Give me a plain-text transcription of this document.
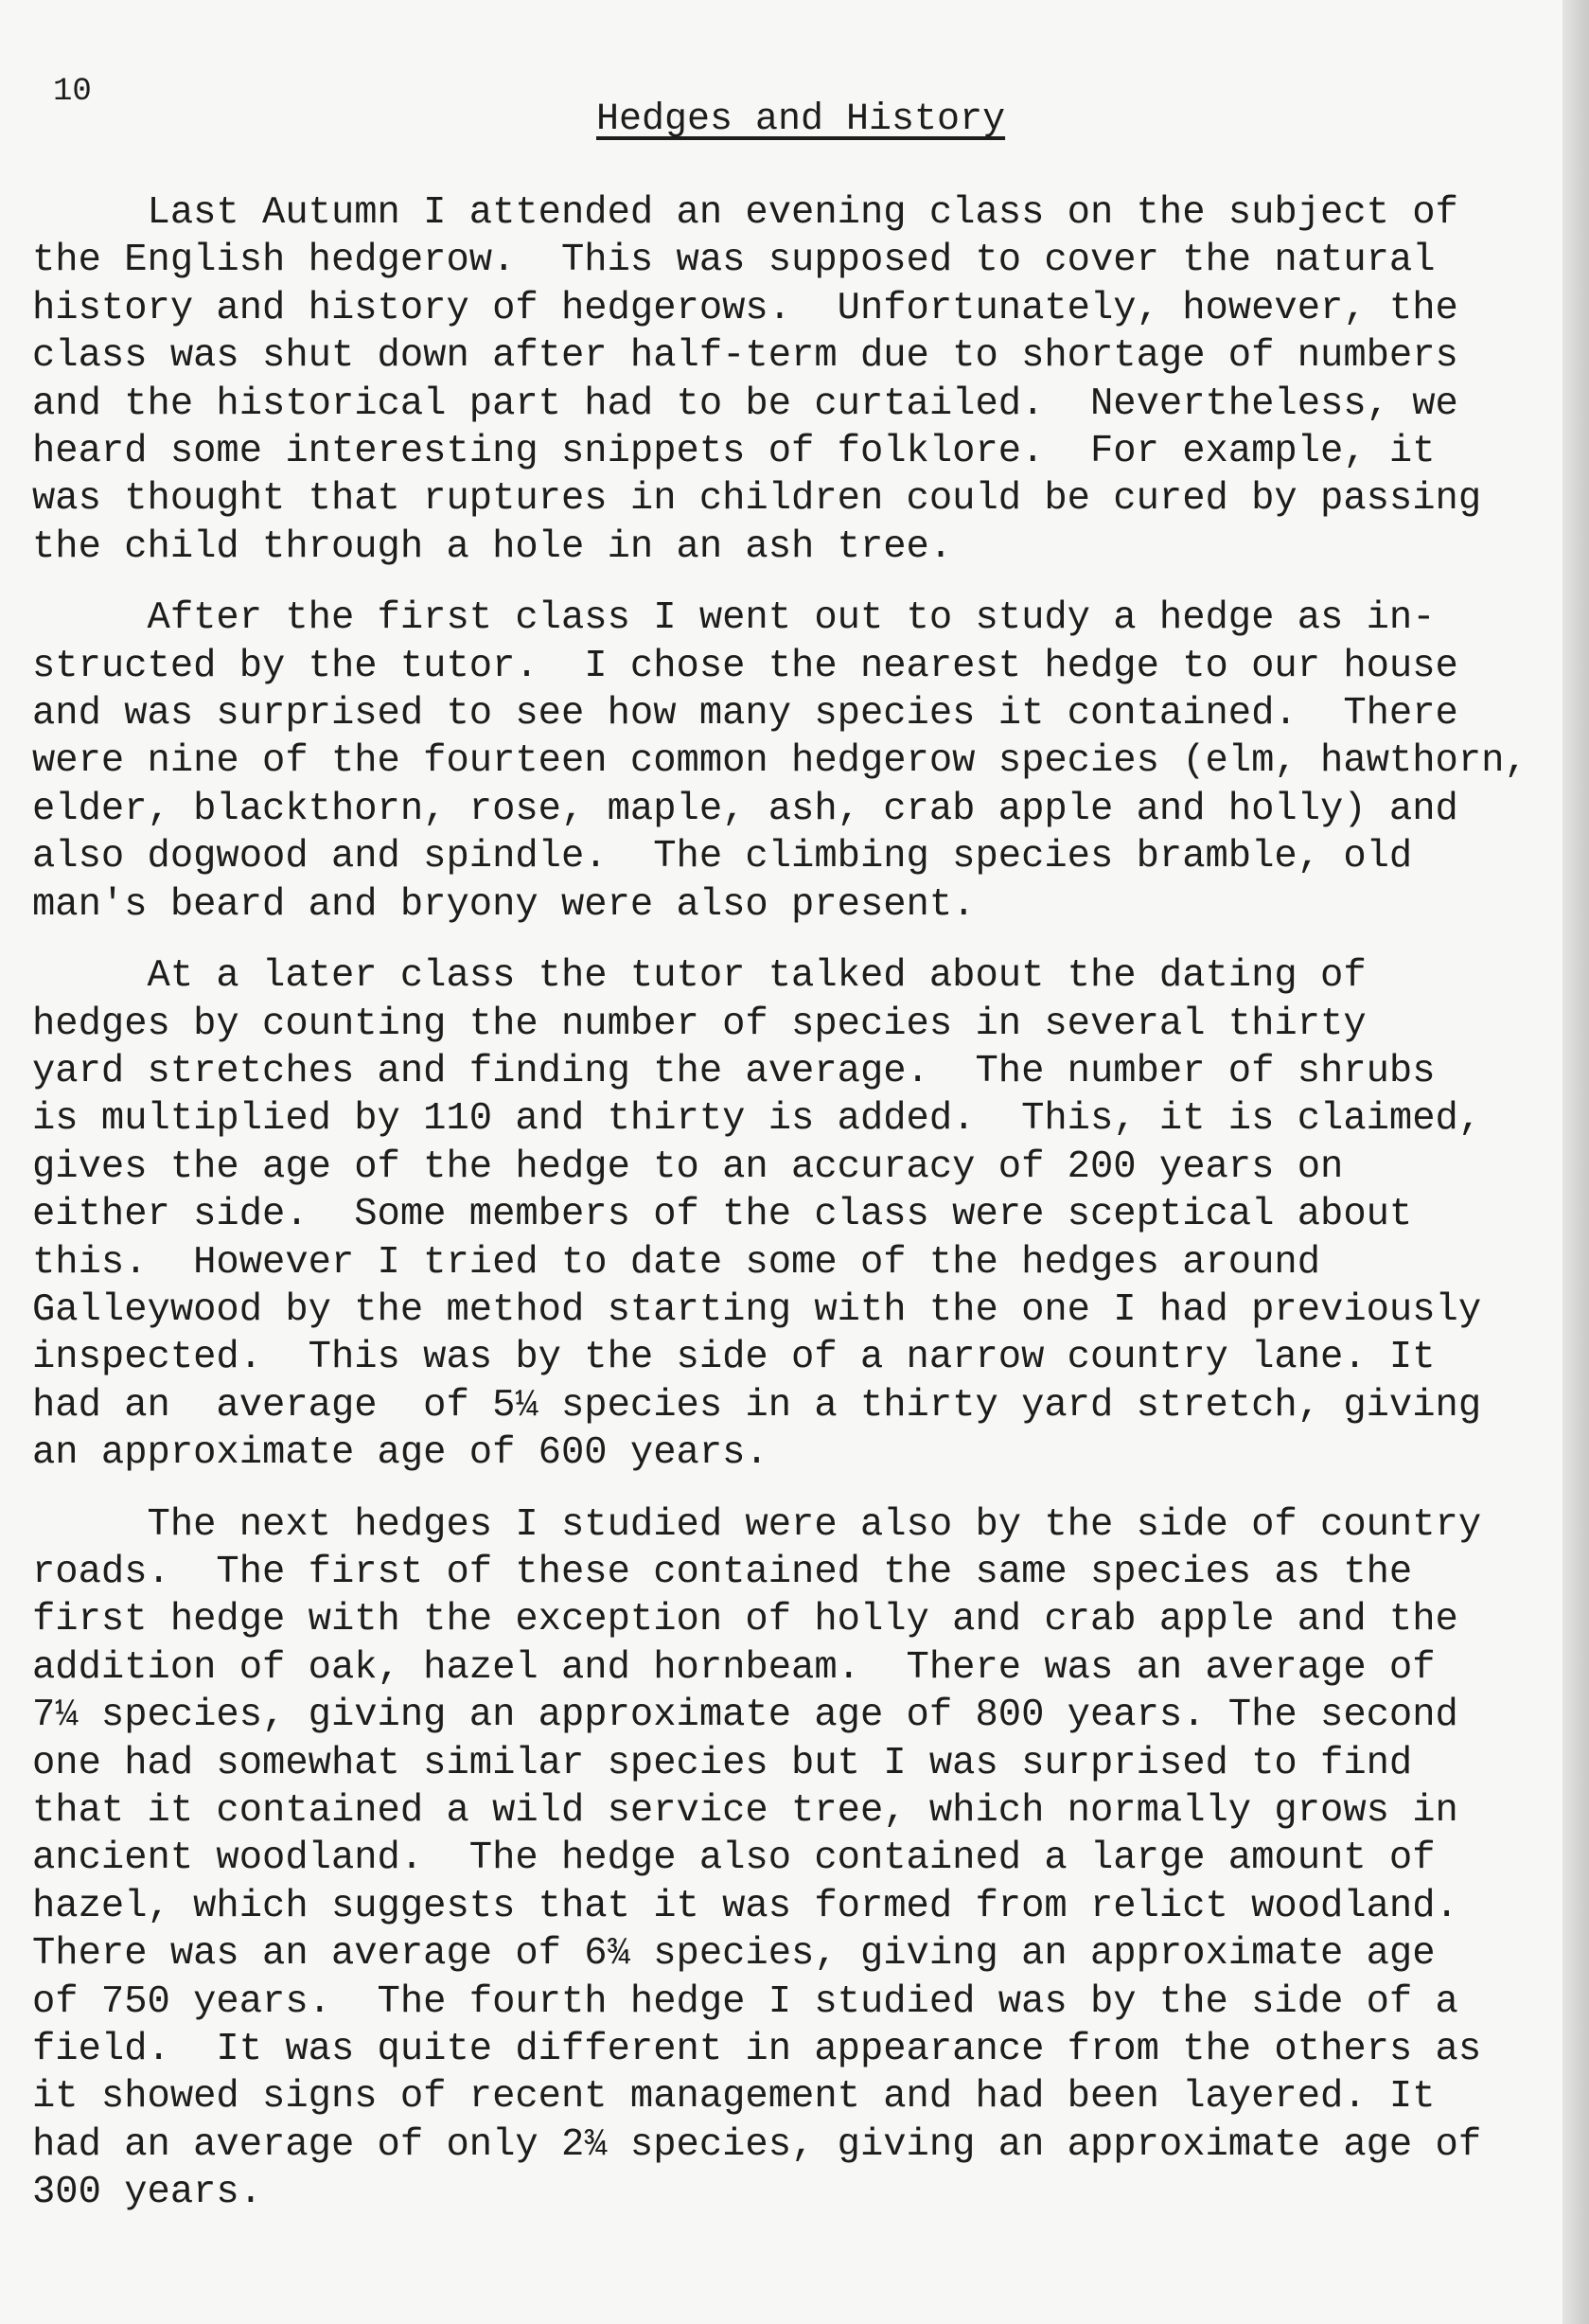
10
Hedges and History

Last Autumn I attended an evening class on the subject of
the English hedgerow.  This was supposed to cover the natural
history and history of hedgerows.  Unfortunately, however, the
class was shut down after half-term due to shortage of numbers
and the historical part had to be curtailed.  Nevertheless, we
heard some interesting snippets of folklore.  For example, it
was thought that ruptures in children could be cured by passing
the child through a hole in an ash tree.

After the first class I went out to study a hedge as in-
structed by the tutor.  I chose the nearest hedge to our house
and was surprised to see how many species it contained.  There
were nine of the fourteen common hedgerow species (elm, hawthorn,
elder, blackthorn, rose, maple, ash, crab apple and holly) and
also dogwood and spindle.  The climbing species bramble, old
man's beard and bryony were also present.

At a later class the tutor talked about the dating of
hedges by counting the number of species in several thirty
yard stretches and finding the average.  The number of shrubs
is multiplied by 110 and thirty is added.  This, it is claimed,
gives the age of the hedge to an accuracy of 200 years on
either side.  Some members of the class were sceptical about
this.  However I tried to date some of the hedges around
Galleywood by the method starting with the one I had previously
inspected.  This was by the side of a narrow country lane. It
had an  average  of 5¼ species in a thirty yard stretch, giving
an approximate age of 600 years.

The next hedges I studied were also by the side of country
roads.  The first of these contained the same species as the
first hedge with the exception of holly and crab apple and the
addition of oak, hazel and hornbeam.  There was an average of
7¼ species, giving an approximate age of 800 years. The second
one had somewhat similar species but I was surprised to find
that it contained a wild service tree, which normally grows in
ancient woodland.  The hedge also contained a large amount of
hazel, which suggests that it was formed from relict woodland.
There was an average of 6¾ species, giving an approximate age
of 750 years.  The fourth hedge I studied was by the side of a
field.  It was quite different in appearance from the others as
it showed signs of recent management and had been layered. It
had an average of only 2¾ species, giving an approximate age of
300 years.
